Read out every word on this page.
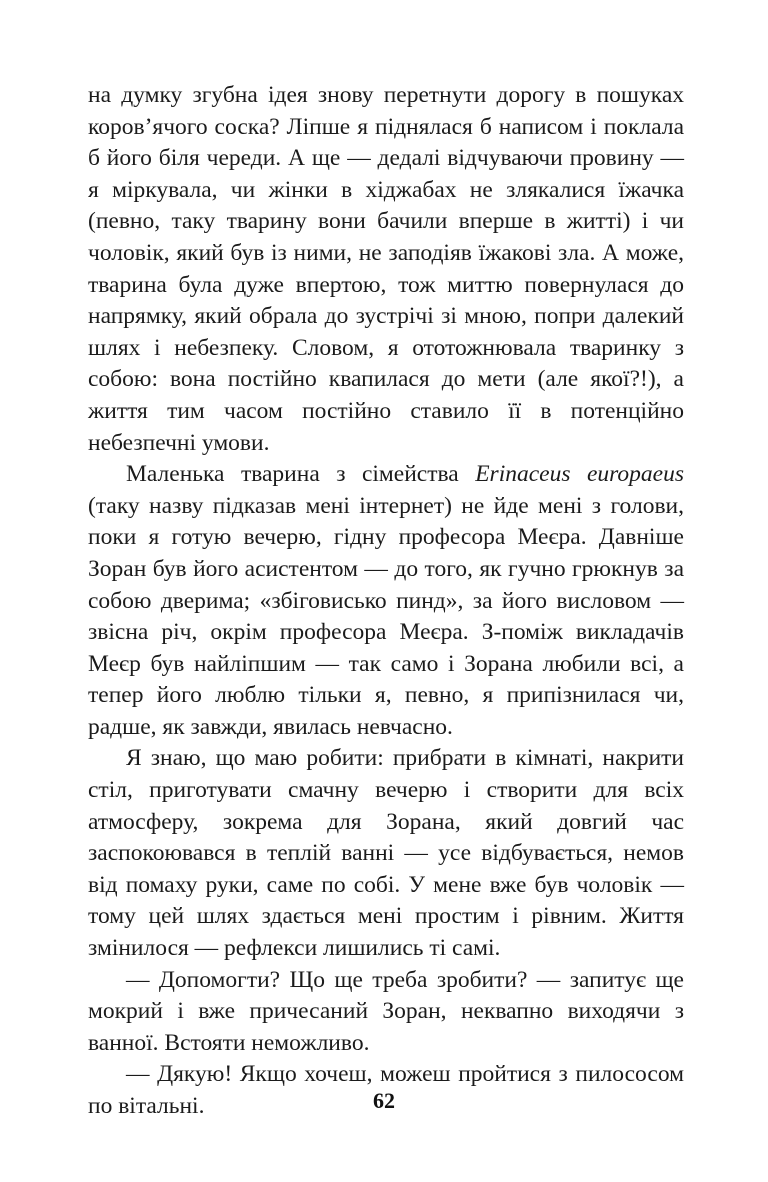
на думку згубна ідея знову перетнути дорогу в пошуках коров’ячого соска? Ліпше я піднялася б написом і поклала б його біля череди. А ще — дедалі відчуваючи провину — я міркувала, чи жінки в хіджабах не злякалися їжачка (певно, таку тварину вони бачили вперше в житті) і чи чоловік, який був із ними, не заподіяв їжакові зла. А може, тварина була дуже впертою, тож миттю повернулася до напрямку, який обрала до зустрічі зі мною, попри далекий шлях і небезпеку. Словом, я ототожнювала тваринку з собою: вона постійно квапилася до мети (але якої?!), а життя тим часом постійно ставило її в потенційно небезпечні умови.

Маленька тварина з сімейства Erinaceus europaeus (таку назву підказав мені інтернет) не йде мені з голови, поки я готую вечерю, гідну професора Меєра. Давніше Зоран був його асистентом — до того, як гучно грюкнув за собою дверима; «збіговисько пинд», за його висловом — звісна річ, окрім професора Меєра. З-поміж викладачів Меєр був найліпшим — так само і Зорана любили всі, а тепер його люблю тільки я, певно, я припізнилася чи, радше, як завжди, явилась невчасно.

Я знаю, що маю робити: прибрати в кімнаті, накрити стіл, приготувати смачну вечерю і створити для всіх атмосферу, зокрема для Зорана, який довгий час заспокоювався в теплій ванні — усе відбувається, немов від помаху руки, саме по собі. У мене вже був чоловік — тому цей шлях здається мені простим і рівним. Життя змінилося — рефлекси лишились ті самі.

— Допомогти? Що ще треба зробити? — запитує ще мокрий і вже причесаний Зоран, неквапно виходячи з ванної. Встояти неможливо.

— Дякую! Якщо хочеш, можеш пройтися з пилососом по вітальні.	62
